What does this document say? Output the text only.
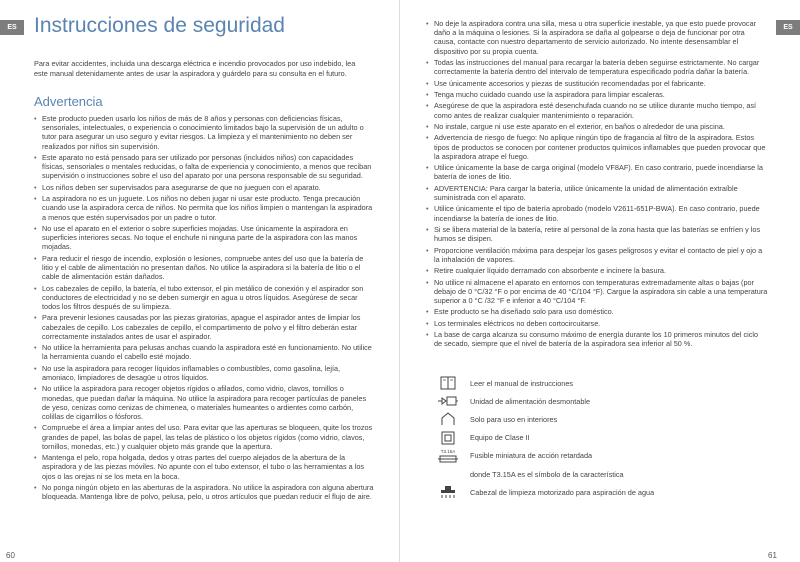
ES Instrucciones de seguridad

Para evitar accidentes, incluida una descarga eléctrica e incendio provocados por uso indebido, lea este manual detenidamente antes de usar la aspiradora y guárdelo para su consulta en el futuro.

Advertencia
• Este producto pueden usarlo los niños de más de 8 años y personas con deficiencias físicas, sensoriales, intelectuales, o experiencia o conocimiento limitados bajo la supervisión de un adulto o tutor para asegurar un uso seguro y evitar riesgos. La limpieza y el mantenimiento no deben ser realizados por niños sin supervisión.
• Este aparato no está pensado para ser utilizado por personas (incluidos niños) con capacidades físicas, sensoriales o mentales reducidas, o falta de experiencia y conocimiento, a menos que reciban supervisión o instrucciones sobre el uso del aparato por una persona responsable de su seguridad.
• Los niños deben ser supervisados para asegurarse de que no jueguen con el aparato.
• La aspiradora no es un juguete. Los niños no deben jugar ni usar este producto. Tenga precaución cuando use la aspiradora cerca de niños. No permita que los niños limpien o mantengan la aspiradora a menos que estén supervisados por un padre o tutor.
• No use el aparato en el exterior o sobre superficies mojadas. Use únicamente la aspiradora en superficies interiores secas. No toque el enchufe ni ninguna parte de la aspiradora con las manos mojadas.
• Para reducir el riesgo de incendio, explosión o lesiones, compruebe antes del uso que la batería de litio y el cable de alimentación no presentan daños. No utilice la aspiradora si la batería de litio o el cable de alimentación están dañados.
• Los cabezales de cepillo, la batería, el tubo extensor, el pin metálico de conexión y el aspirador son conductores de electricidad y no se deben sumergir en agua u otros líquidos. Asegúrese de secar todos los filtros después de su limpieza.
• Para prevenir lesiones causadas por las piezas giratorias, apague el aspirador antes de limpiar los cabezales de cepillo. Los cabezales de cepillo, el compartimento de polvo y el filtro deberán estar correctamente instalados antes de usar el aspirador.
• No utilice la herramienta para pelusas anchas cuando la aspiradora esté en funcionamiento. No utilice la herramienta cuando el cabello esté mojado.
• No use la aspiradora para recoger líquidos inflamables o combustibles, como gasolina, lejía, amoniaco, limpiadores de desagüe u otros líquidos.
• No utilice la aspiradora para recoger objetos rígidos o afilados, como vidrio, clavos, tornillos o monedas, que puedan dañar la máquina. No utilice la aspiradora para recoger partículas de paneles de yeso, cenizas como cenizas de chimenea, o materiales humeantes o ardientes como carbón, colillas de cigarrillos o fósforos.
• Compruebe el área a limpiar antes del uso. Para evitar que las aperturas se bloqueen, quite los trozos grandes de papel, las bolas de papel, las telas de plástico o los objetos rígidos (como vidrio, clavos, tornillos, monedas, etc.) y cualquier objeto más grande que la apertura.
• Mantenga el pelo, ropa holgada, dedos y otras partes del cuerpo alejados de la abertura de la aspiradora y de las piezas móviles. No apunte con el tubo extensor, el tubo o las herramientas a los ojos o las orejas ni se los meta en la boca.
• No ponga ningún objeto en las aberturas de la aspiradora. No utilice la aspiradora con alguna abertura bloqueada. Mantenga libre de polvo, pelusa, pelo, u otros artículos que puedan reducir el flujo de aire.
60
ES
• No deje la aspiradora contra una silla, mesa u otra superficie inestable, ya que esto puede provocar daño a la máquina o lesiones. Si la aspiradora se daña al golpearse o deja de funcionar por otra causa, contacte con nuestro departamento de servicio autorizado. No intente desensamblar el dispositivo por su propia cuenta.
• Todas las instrucciones del manual para recargar la batería deben seguirse estrictamente. No cargar correctamente la batería dentro del intervalo de temperatura especificado podría dañar la batería.
• Use únicamente accesorios y piezas de sustitución recomendadas por el fabricante.
• Tenga mucho cuidado cuando use la aspiradora para limpiar escaleras.
• Asegúrese de que la aspiradora esté desenchufada cuando no se utilice durante mucho tiempo, así como antes de realizar cualquier mantenimiento o reparación.
• No instale, cargue ni use este aparato en el exterior, en baños o alrededor de una piscina.
• Advertencia de riesgo de fuego: No aplique ningún tipo de fragancia al filtro de la aspiradora. Estos tipos de productos se conocen por contener productos químicos inflamables que pueden provocar que la aspiradora atrape el fuego.
• Utilice únicamente la base de carga original (modelo VF8AF). En caso contrario, puede incendiarse la batería de iones de litio.
• ADVERTENCIA: Para cargar la batería, utilice únicamente la unidad de alimentación extraíble suministrada con el aparato.
• Utilice únicamente el tipo de batería aprobado (modelo V2611-651P-BWA). En caso contrario, puede incendiarse la batería de iones de litio.
• Si se libera material de la batería, retire al personal de la zona hasta que las baterías se enfríen y los humos se disipen.
• Proporcione ventilación máxima para despejar los gases peligrosos y evitar el contacto de piel y ojo a la inhalación de vapores.
• Retire cualquier líquido derramado con absorbente e incinere la basura.
• No utilice ni almacene el aparato en entornos con temperaturas extremadamente altas o bajas (por debajo de 0 °C/32 °F o por encima de 40 °C/104 °F). Cargue la aspiradora sin cable a una temperatura superior a 0 °C /32 °F e inferior a 40 °C/104 °F.
• Este producto se ha diseñado solo para uso doméstico.
• Los terminales eléctricos no deben cortocircuitarse.
• La base de carga alcanza su consumo máximo de energía durante los 10 primeros minutos del ciclo de secado, siempre que el nivel de batería de la aspiradora sea inferior al 50 %.
Leer el manual de instrucciones
Unidad de alimentación desmontable
Solo para uso en interiores
Equipo de Clase II
T3.15A Fusible miniatura de acción retardada
donde T3.15A es el símbolo de la característica
Cabezal de limpieza motorizado para aspiración de agua
61
